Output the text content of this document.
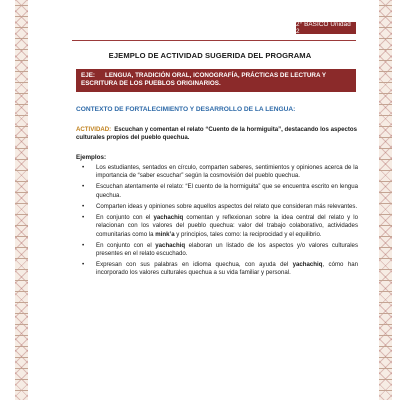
2° BÁSICO Unidad 2
EJEMPLO DE ACTIVIDAD SUGERIDA DEL PROGRAMA
EJE:	LENGUA, TRADICIÓN ORAL, ICONOGRAFÍA, PRÁCTICAS DE LECTURA Y ESCRITURA DE LOS PUEBLOS ORIGINARIOS.
CONTEXTO DE FORTALECIMIENTO Y DESARROLLO DE LA LENGUA:
ACTIVIDAD: Escuchan y comentan el relato “Cuento de la hormiguita”, destacando los aspectos culturales propios del pueblo quechua.
Ejemplos:
• Los estudiantes, sentados en círculo, comparten saberes, sentimientos y opiniones acerca de la importancia de “saber escuchar” según la cosmovisión del pueblo quechua.
• Escuchan atentamente el relato: “El cuento de la hormiguita” que se encuentra escrito en lengua quechua.
• Comparten ideas y opiniones sobre aquellos aspectos del relato que consideran más relevantes.
• En conjunto con el yachachiq comentan y reflexionan sobre la idea central del relato y lo relacionan con los valores del pueblo quechua: valor del trabajo colaborativo, actividades comunitarias como la mink’a y principios, tales como: la reciprocidad y el equilibrio.
• En conjunto con el yachachiq elaboran un listado de los aspectos y/o valores culturales presentes en el relato escuchado.
• Expresan con sus palabras en idioma quechua, con ayuda del yachachiq, cómo han incorporado los valores culturales quechua a su vida familiar y personal.
